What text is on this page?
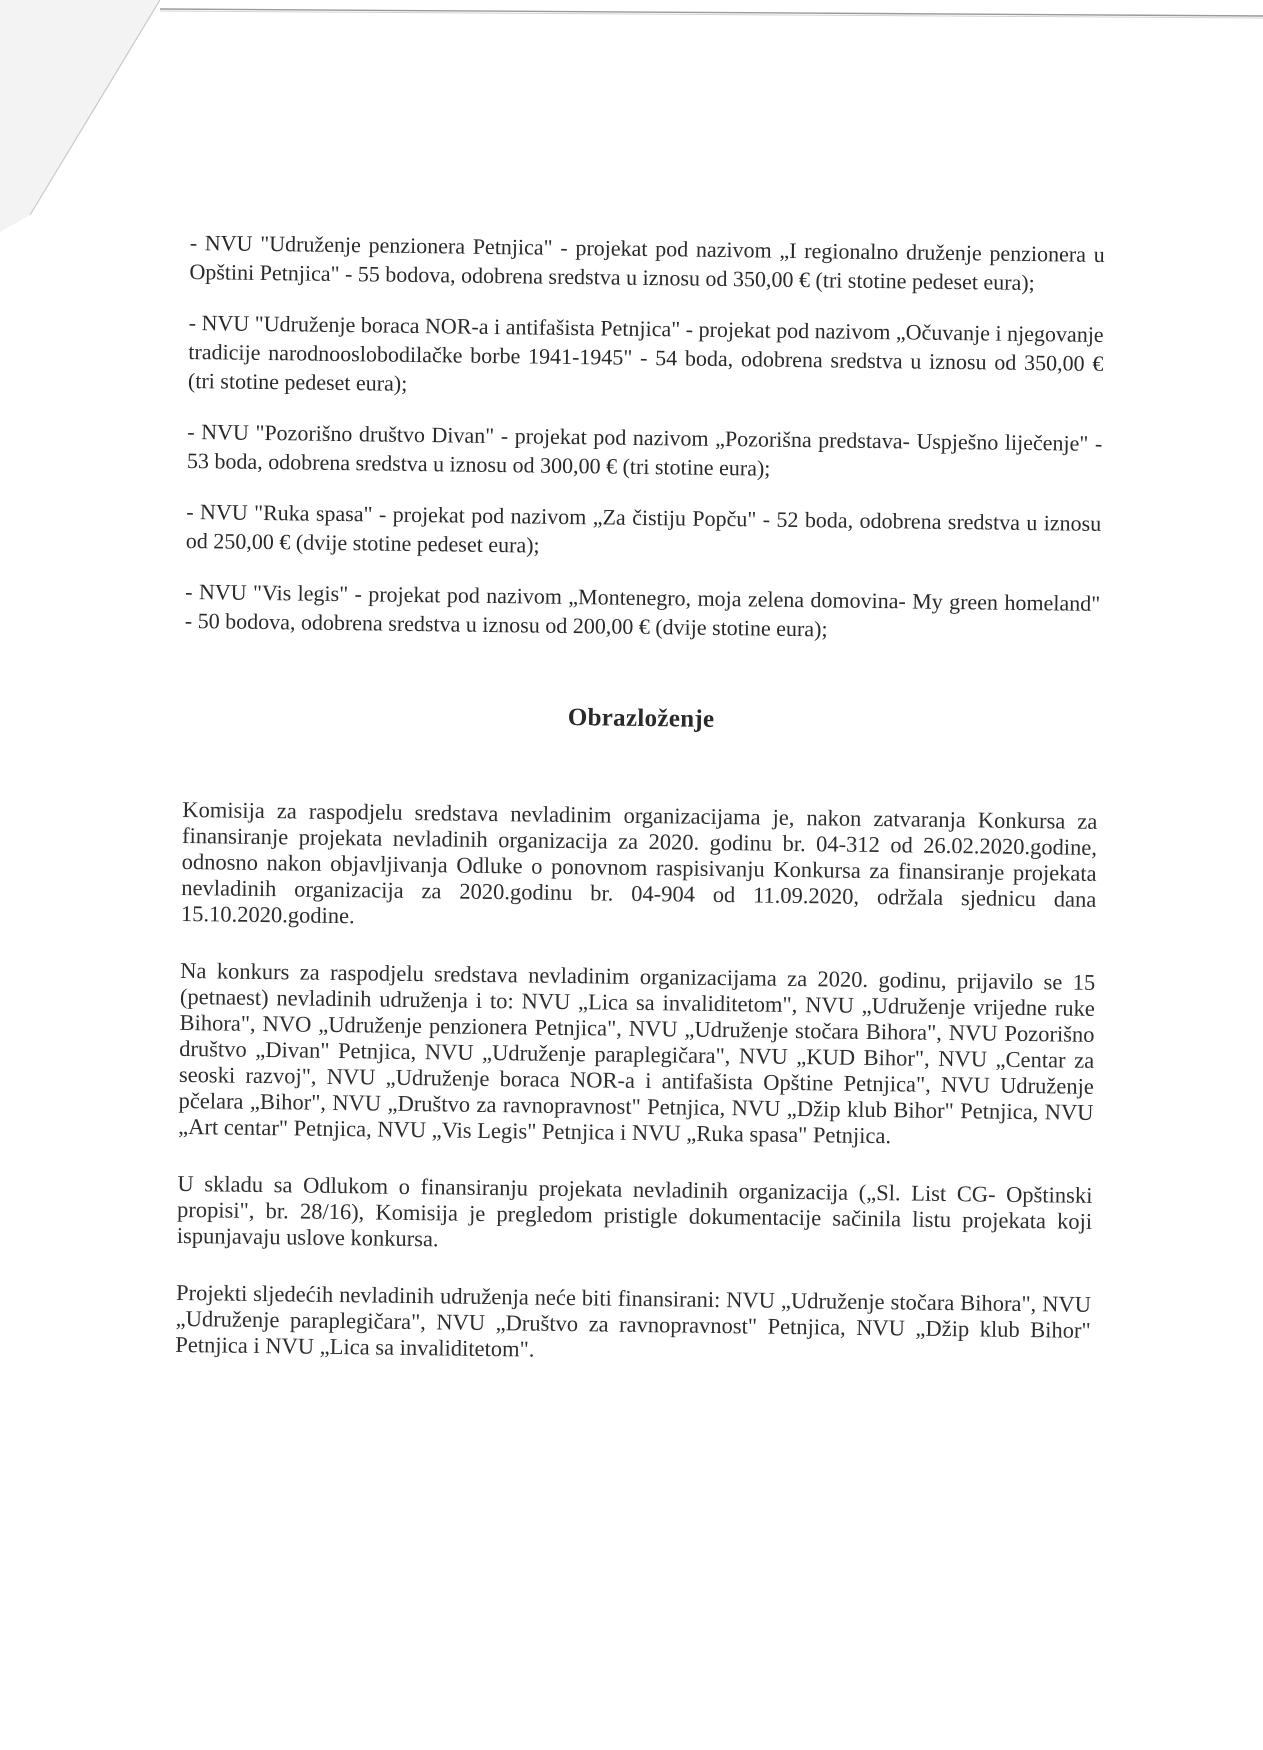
- NVU "Udruženje penzionera Petnjica" - projekat pod nazivom „I regionalno druženje penzionera u Opštini Petnjica" - 55 bodova, odobrena sredstva u iznosu od 350,00 € (tri stotine pedeset eura);

- NVU "Udruženje boraca NOR-a i antifašista Petnjica" - projekat pod nazivom „Očuvanje i njegovanje tradicije narodnooslobodilačke borbe 1941-1945" - 54 boda, odobrena sredstva u iznosu od 350,00 € (tri stotine pedeset eura);

- NVU "Pozorišno društvo Divan" - projekat pod nazivom „Pozorišna predstava- Uspješno liječenje" - 53 boda, odobrena sredstva u iznosu od 300,00 € (tri stotine eura);

- NVU "Ruka spasa" - projekat pod nazivom „Za čistiju Popču" - 52 boda, odobrena sredstva u iznosu od 250,00 € (dvije stotine pedeset eura);

- NVU "Vis legis" - projekat pod nazivom „Montenegro, moja zelena domovina- My green homeland" - 50 bodova, odobrena sredstva u iznosu od 200,00 € (dvije stotine eura);

Obrazloženje

Komisija za raspodjelu sredstava nevladinim organizacijama je, nakon zatvaranja Konkursa za finansiranje projekata nevladinih organizacija za 2020. godinu br. 04-312 od 26.02.2020.godine, odnosno nakon objavljivanja Odluke o ponovnom raspisivanju Konkursa za finansiranje projekata nevladinih organizacija za 2020.godinu br. 04-904 od 11.09.2020, održala sjednicu dana 15.10.2020.godine.

Na konkurs za raspodjelu sredstava nevladinim organizacijama za 2020. godinu, prijavilo se 15 (petnaest) nevladinih udruženja i to: NVU „Lica sa invaliditetom", NVU „Udruženje vrijedne ruke Bihora", NVO „Udruženje penzionera Petnjica", NVU „Udruženje stočara Bihora", NVU Pozorišno društvo „Divan" Petnjica, NVU „Udruženje paraplegičara", NVU „KUD Bihor", NVU „Centar za seoski razvoj", NVU „Udruženje boraca NOR-a i antifašista Opštine Petnjica", NVU Udruženje pčelara „Bihor", NVU „Društvo za ravnopravnost" Petnjica, NVU „Džip klub Bihor" Petnjica, NVU „Art centar" Petnjica, NVU „Vis Legis" Petnjica i NVU „Ruka spasa" Petnjica.

U skladu sa Odlukom o finansiranju projekata nevladinih organizacija („Sl. List CG- Opštinski propisi", br. 28/16), Komisija je pregledom pristigle dokumentacije sačinila listu projekata koji ispunjavaju uslove konkursa.

Projekti sljedećih nevladinih udruženja neće biti finansirani: NVU „Udruženje stočara Bihora", NVU „Udruženje paraplegičara", NVU „Društvo za ravnopravnost" Petnjica, NVU „Džip klub Bihor" Petnjica i NVU „Lica sa invaliditetom".
